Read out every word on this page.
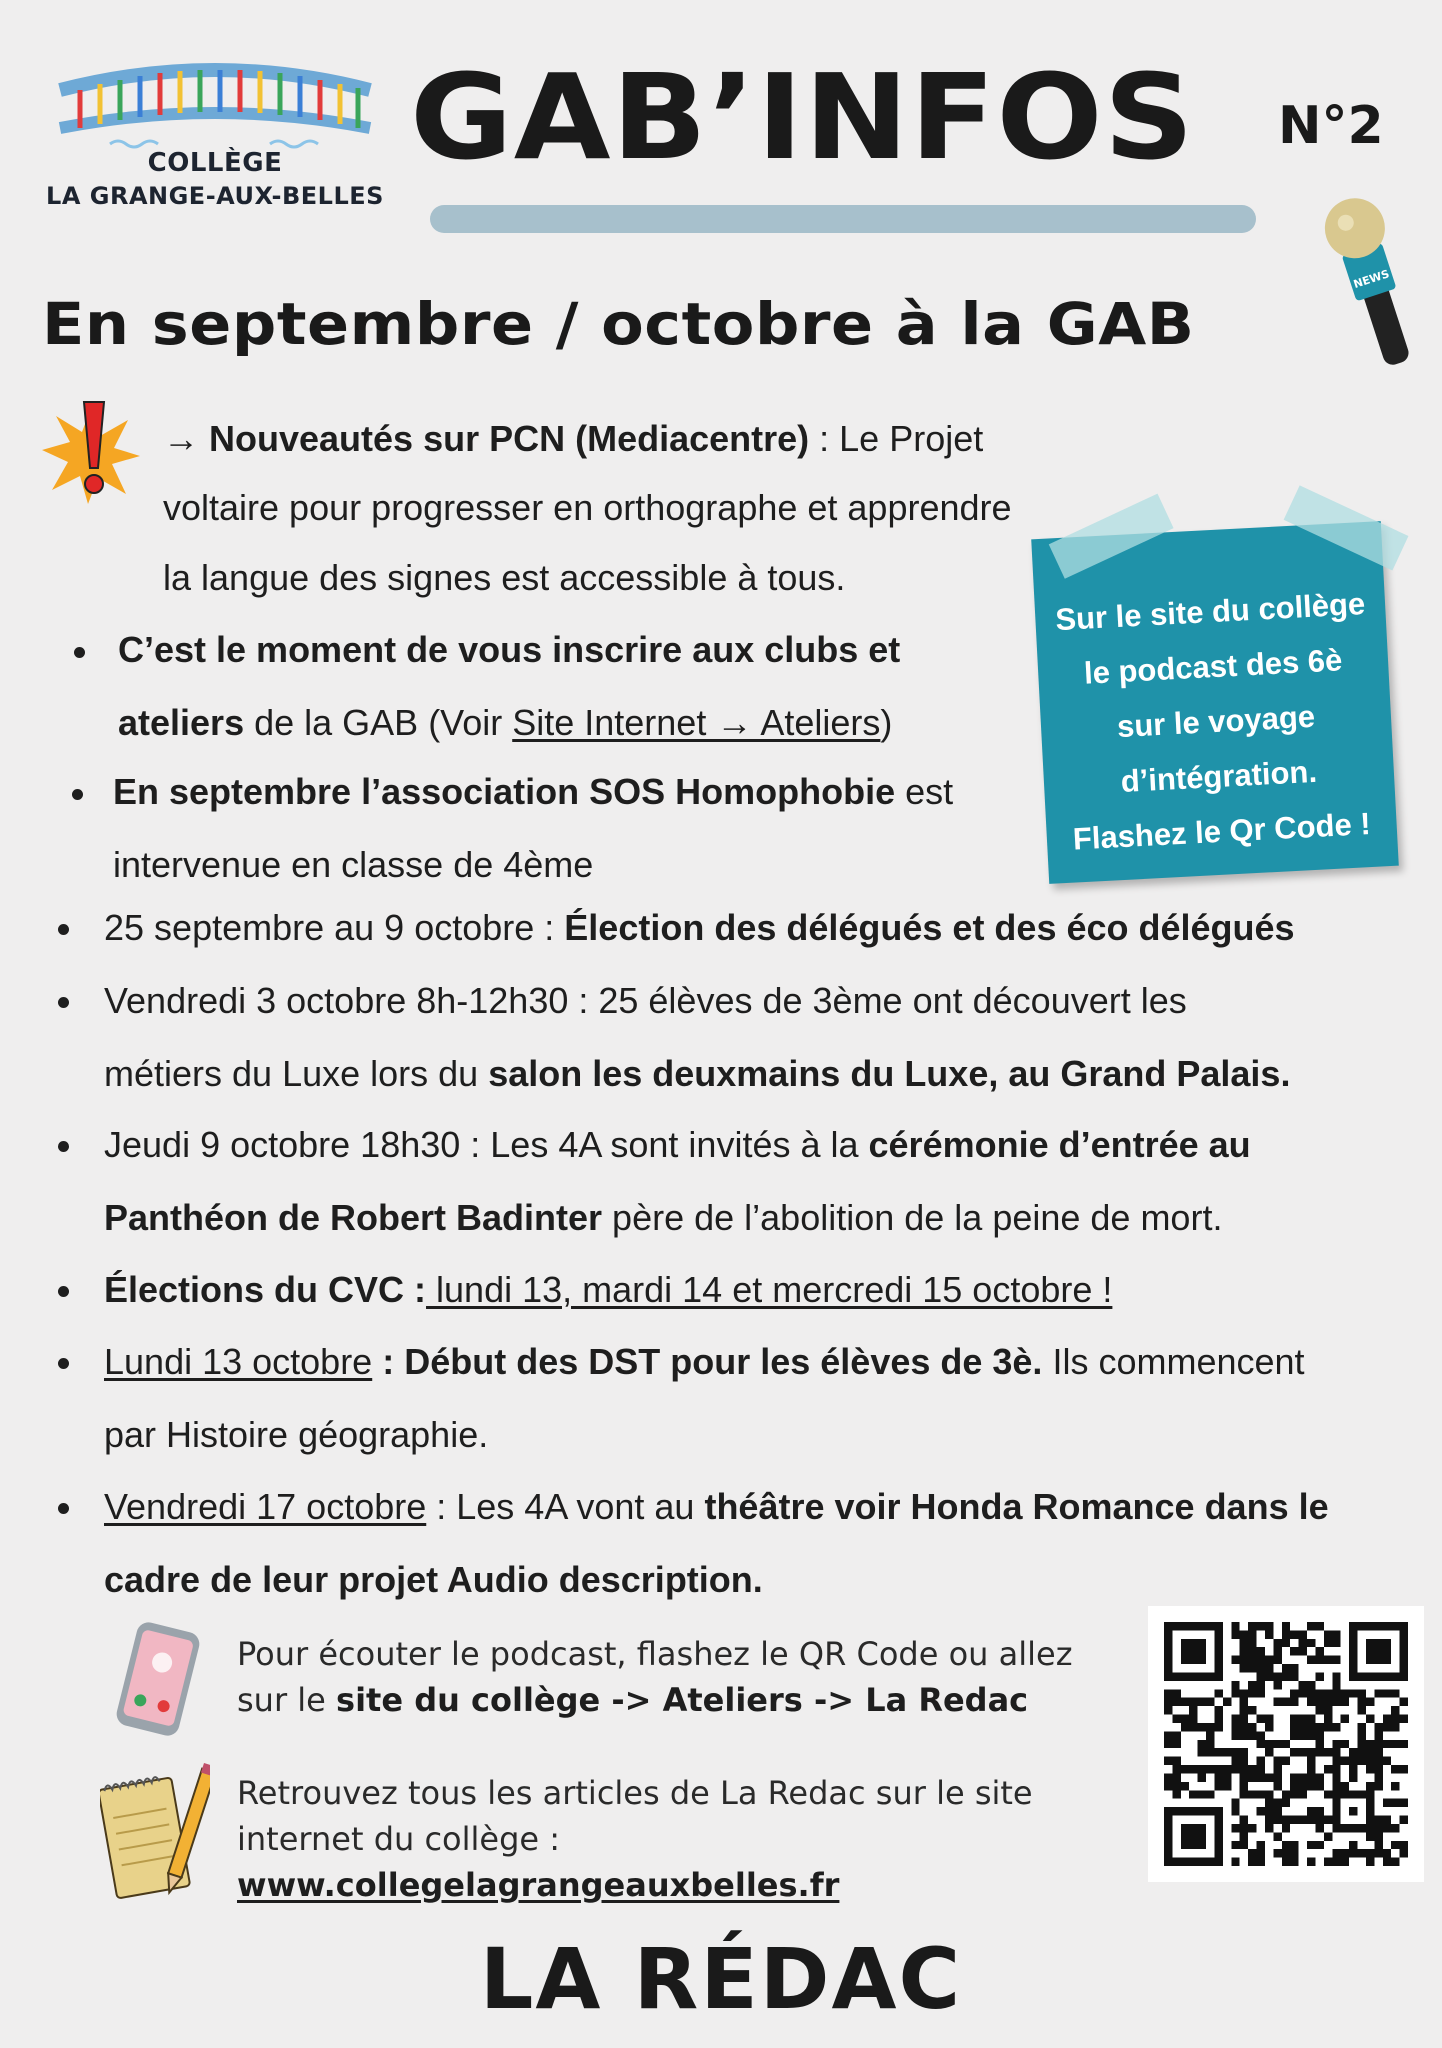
COLLÈGE
LA GRANGE-AUX-BELLES
GAB’INFOS N°2
NEWS
En septembre / octobre à la GAB
→ Nouveautés sur PCN (Mediacentre) : Le Projet
voltaire pour progresser en orthographe et apprendre
la langue des signes est accessible à tous.
C’est le moment de vous inscrire aux clubs et
ateliers de la GAB (Voir Site Internet → Ateliers)
En septembre l’association SOS Homophobie est
intervenue en classe de 4ème
25 septembre au 9 octobre : Élection des délégués et des éco délégués
Vendredi 3 octobre 8h-12h30 : 25 élèves de 3ème ont découvert les
métiers du Luxe lors du salon les deuxmains du Luxe, au Grand Palais.
Jeudi 9 octobre 18h30 : Les 4A sont invités à la cérémonie d’entrée au
Panthéon de Robert Badinter père de l’abolition de la peine de mort.
Élections du CVC : lundi 13, mardi 14 et mercredi 15 octobre !
Lundi 13 octobre : Début des DST pour les élèves de 3è. Ils commencent
par Histoire géographie.
Vendredi 17 octobre : Les 4A vont au théâtre voir Honda Romance dans le
cadre de leur projet Audio description.
Sur le site du collège
le podcast des 6è
sur le voyage
d’intégration.
Flashez le Qr Code !
Pour écouter le podcast, flashez le QR Code ou allez
sur le site du collège -> Ateliers -> La Redac
Retrouvez tous les articles de La Redac sur le site
internet du collège :
www.collegelagrangeauxbelles.fr
LA RÉDAC
